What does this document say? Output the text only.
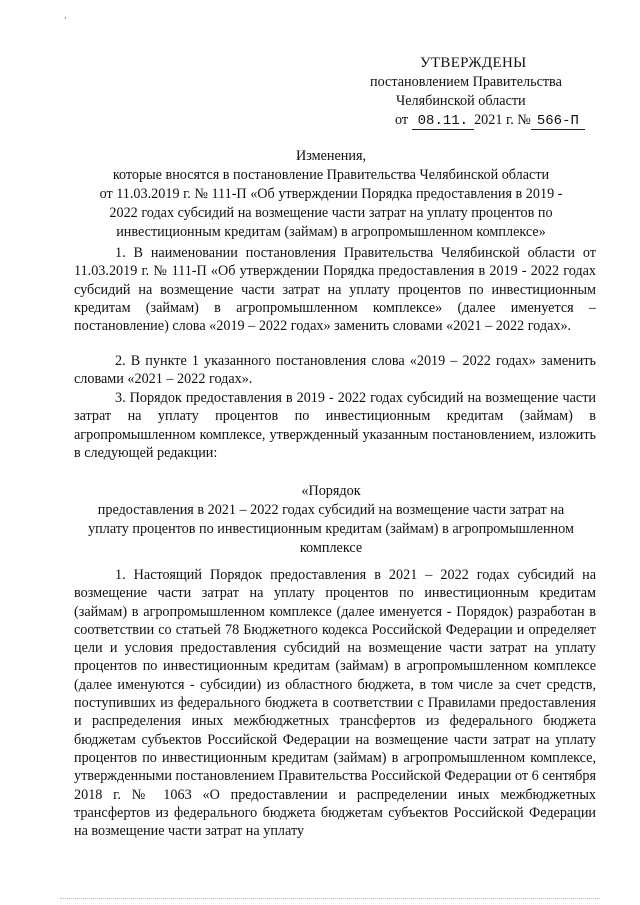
УТВЕРЖДЕНЫ
постановлением Правительства
Челябинской области
от 08.11. 2021 г. № 566-П
Изменения,
которые вносятся в постановление Правительства Челябинской области
от 11.03.2019 г. № 111-П «Об утверждении Порядка предоставления в 2019 -
2022 годах субсидий на возмещение части затрат на уплату процентов по
инвестиционным кредитам (займам) в агропромышленном комплексе»

1. В наименовании постановления Правительства Челябинской области от 11.03.2019 г. № 111-П «Об утверждении Порядка предоставления в 2019 - 2022 годах субсидий на возмещение части затрат на уплату процентов по инвестиционным кредитам (займам) в агропромышленном комплексе» (далее именуется – постановление) слова «2019 – 2022 годах» заменить словами «2021 – 2022 годах».

2. В пункте 1 указанного постановления слова «2019 – 2022 годах» заменить словами «2021 – 2022 годах».

3. Порядок предоставления в 2019 - 2022 годах субсидий на возмещение части затрат на уплату процентов по инвестиционным кредитам (займам) в агропромышленном комплексе, утвержденный указанным постановлением, изложить в следующей редакции:

«Порядок
предоставления в 2021 – 2022 годах субсидий на возмещение части затрат на
уплату процентов по инвестиционным кредитам (займам) в агропромышленном
комплексе

1. Настоящий Порядок предоставления в 2021 – 2022 годах субсидий на возмещение части затрат на уплату процентов по инвестиционным кредитам (займам) в агропромышленном комплексе (далее именуется - Порядок) разработан в соответствии со статьей 78 Бюджетного кодекса Российской Федерации и определяет цели и условия предоставления субсидий на возмещение части затрат на уплату процентов по инвестиционным кредитам (займам) в агропромышленном комплексе (далее именуются - субсидии) из областного бюджета, в том числе за счет средств, поступивших из федерального бюджета в соответствии с Правилами предоставления и распределения иных межбюджетных трансфертов из федерального бюджета бюджетам субъектов Российской Федерации на возмещение части затрат на уплату процентов по инвестиционным кредитам (займам) в агропромышленном комплексе, утвержденными постановлением Правительства Российской Федерации от 6 сентября 2018 г. № 1063 «О предоставлении и распределении иных межбюджетных трансфертов из федерального бюджета бюджетам субъектов Российской Федерации на возмещение части затрат на уплату
